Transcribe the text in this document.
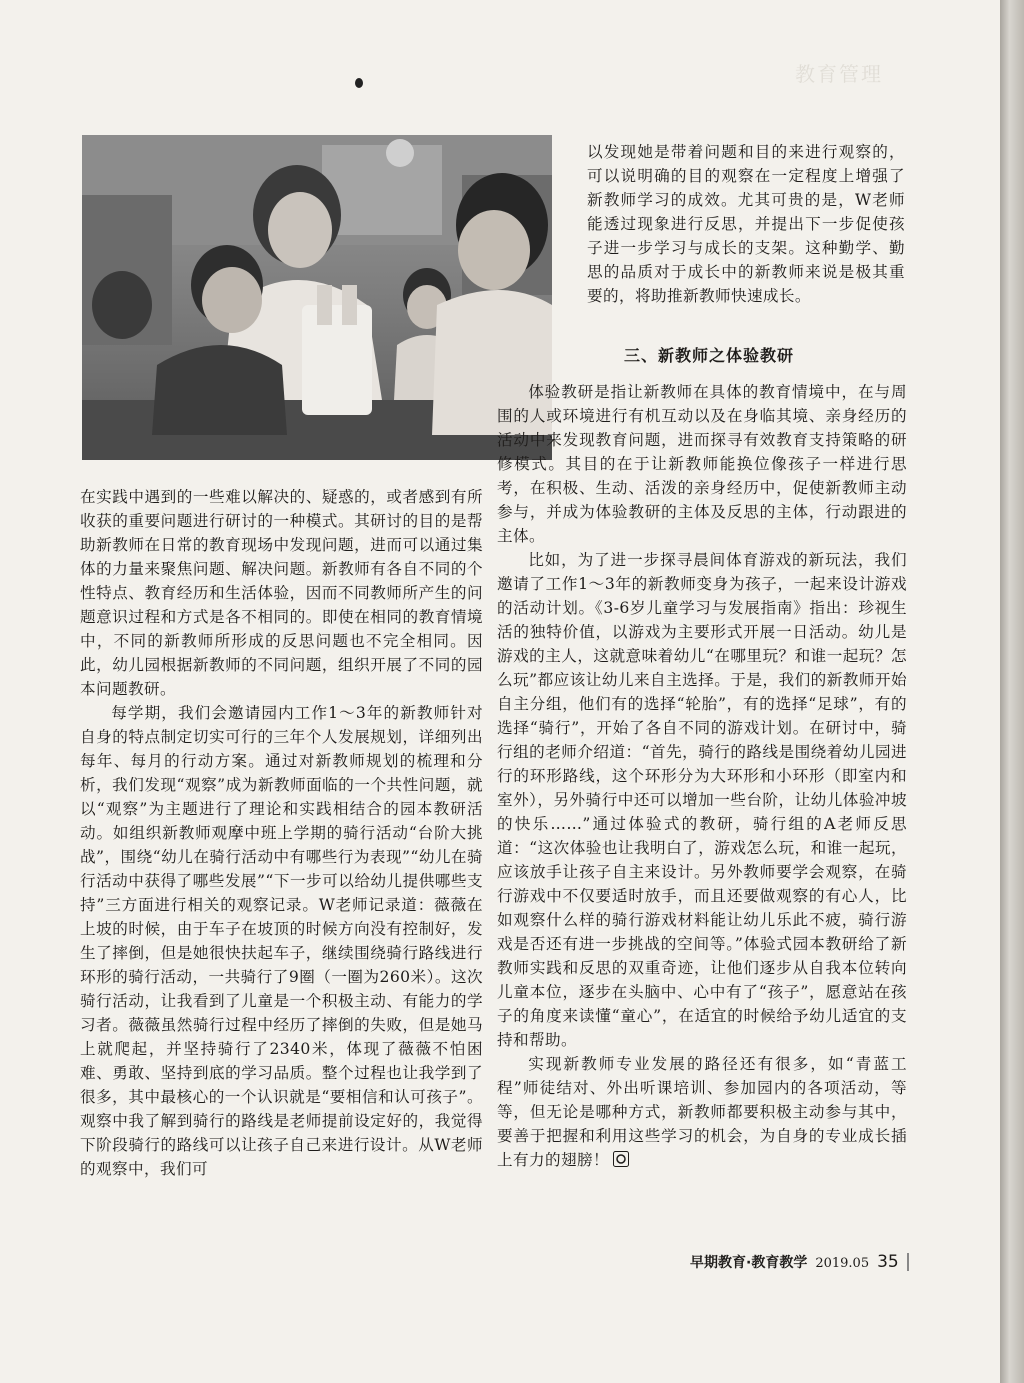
教育管理

以发现她是带着问题和目的来进行观察的，可以说明确的目的观察在一定程度上增强了新教师学习的成效。尤其可贵的是，W老师能透过现象进行反思，并提出下一步促使孩子进一步学习与成长的支架。这种勤学、勤思的品质对于成长中的新教师来说是极其重要的，将助推新教师快速成长。

三、新教师之体验教研

在实践中遇到的一些难以解决的、疑惑的，或者感到有所收获的重要问题进行研讨的一种模式。其研讨的目的是帮助新教师在日常的教育现场中发现问题，进而可以通过集体的力量来聚焦问题、解决问题。新教师有各自不同的个性特点、教育经历和生活体验，因而不同教师所产生的问题意识过程和方式是各不相同的。即使在相同的教育情境中，不同的新教师所形成的反思问题也不完全相同。因此，幼儿园根据新教师的不同问题，组织开展了不同的园本问题教研。

每学期，我们会邀请园内工作1～3年的新教师针对自身的特点制定切实可行的三年个人发展规划，详细列出每年、每月的行动方案。通过对新教师规划的梳理和分析，我们发现“观察”成为新教师面临的一个共性问题，就以“观察”为主题进行了理论和实践相结合的园本教研活动。如组织新教师观摩中班上学期的骑行活动“台阶大挑战”，围绕“幼儿在骑行活动中有哪些行为表现”“幼儿在骑行活动中获得了哪些发展”“下一步可以给幼儿提供哪些支持”三方面进行相关的观察记录。W老师记录道：薇薇在上坡的时候，由于车子在坡顶的时候方向没有控制好，发生了摔倒，但是她很快扶起车子，继续围绕骑行路线进行环形的骑行活动，一共骑行了9圈（一圈为260米）。这次骑行活动，让我看到了儿童是一个积极主动、有能力的学习者。薇薇虽然骑行过程中经历了摔倒的失败，但是她马上就爬起，并坚持骑行了2340米，体现了薇薇不怕困难、勇敢、坚持到底的学习品质。整个过程也让我学到了很多，其中最核心的一个认识就是“要相信和认可孩子”。观察中我了解到骑行的路线是老师提前设定好的，我觉得下阶段骑行的路线可以让孩子自己来进行设计。从W老师的观察中，我们可

体验教研是指让新教师在具体的教育情境中，在与周围的人或环境进行有机互动以及在身临其境、亲身经历的活动中来发现教育问题，进而探寻有效教育支持策略的研修模式。其目的在于让新教师能换位像孩子一样进行思考，在积极、生动、活泼的亲身经历中，促使新教师主动参与，并成为体验教研的主体及反思的主体，行动跟进的主体。

比如，为了进一步探寻晨间体育游戏的新玩法，我们邀请了工作1～3年的新教师变身为孩子，一起来设计游戏的活动计划。《3-6岁儿童学习与发展指南》指出：珍视生活的独特价值，以游戏为主要形式开展一日活动。幼儿是游戏的主人，这就意味着幼儿“在哪里玩？和谁一起玩？怎么玩”都应该让幼儿来自主选择。于是，我们的新教师开始自主分组，他们有的选择“轮胎”，有的选择“足球”，有的选择“骑行”，开始了各自不同的游戏计划。在研讨中，骑行组的老师介绍道：“首先，骑行的路线是围绕着幼儿园进行的环形路线，这个环形分为大环形和小环形（即室内和室外），另外骑行中还可以增加一些台阶，让幼儿体验冲坡的快乐……”通过体验式的教研，骑行组的A老师反思道：“这次体验也让我明白了，游戏怎么玩，和谁一起玩，应该放手让孩子自主来设计。另外教师要学会观察，在骑行游戏中不仅要适时放手，而且还要做观察的有心人，比如观察什么样的骑行游戏材料能让幼儿乐此不疲，骑行游戏是否还有进一步挑战的空间等。”体验式园本教研给了新教师实践和反思的双重奇迹，让他们逐步从自我本位转向儿童本位，逐步在头脑中、心中有了“孩子”，愿意站在孩子的角度来读懂“童心”，在适宜的时候给予幼儿适宜的支持和帮助。

实现新教师专业发展的路径还有很多，如“青蓝工程”师徒结对、外出听课培训、参加园内的各项活动，等等，但无论是哪种方式，新教师都要积极主动参与其中，要善于把握和利用这些学习的机会，为自身的专业成长插上有力的翅膀！

早期教育·教育教学 2019.05 35
